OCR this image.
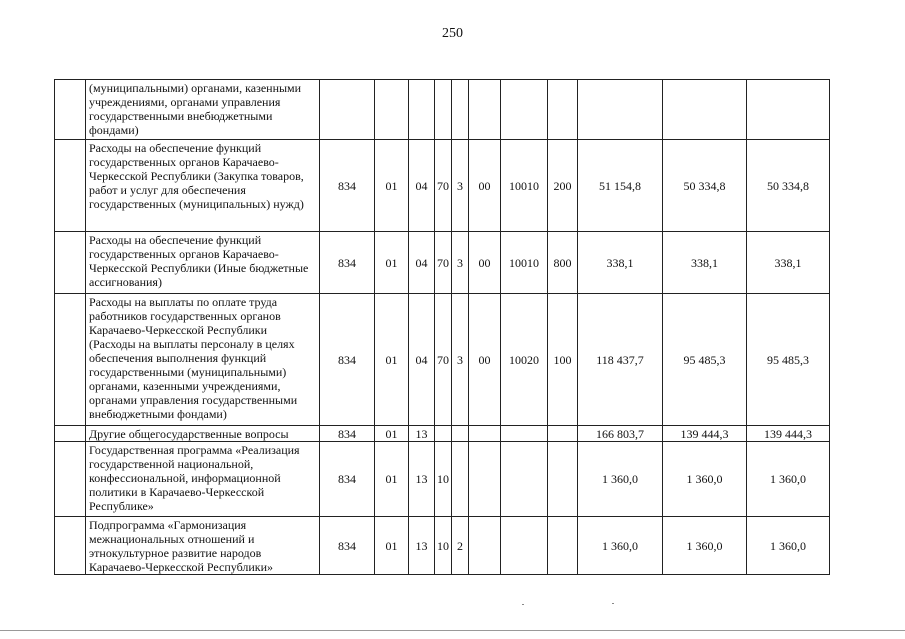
250
	(муниципальными) органами, казенными учреждениями, органами управления государственными внебюджетными фондами)											
	Расходы на обеспечение функций государственных органов Карачаево-Черкесской Республики (Закупка товаров, работ и услуг для обеспечения государственных (муниципальных) нужд)	834	01	04	70	3	00	10010	200	51 154,8	50 334,8	50 334,8
	Расходы на обеспечение функций государственных органов Карачаево-Черкесской Республики (Иные бюджетные ассигнования)	834	01	04	70	3	00	10010	800	338,1	338,1	338,1
	Расходы на выплаты по оплате труда работников государственных органов Карачаево-Черкесской Республики (Расходы на выплаты персоналу в целях обеспечения выполнения функций государственными (муниципальными) органами, казенными учреждениями, органами управления государственными внебюджетными фондами)	834	01	04	70	3	00	10020	100	118 437,7	95 485,3	95 485,3
	Другие общегосударственные вопросы	834	01	13						166 803,7	139 444,3	139 444,3
	Государственная программа «Реализация государственной национальной, конфессиональной, информационной политики в Карачаево-Черкесской Республике»	834	01	13	10					1 360,0	1 360,0	1 360,0
	Подпрограмма «Гармонизация межнациональных отношений и этнокультурное развитие народов Карачаево-Черкесской Республики»	834	01	13	10	2				1 360,0	1 360,0	1 360,0
